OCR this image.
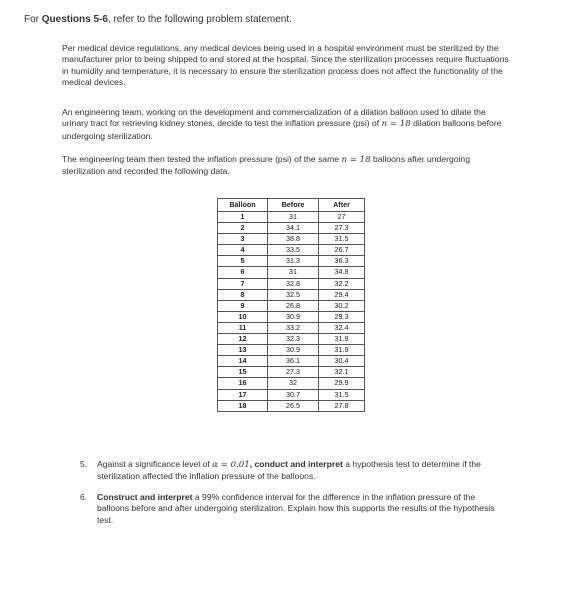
For Questions 5-6, refer to the following problem statement.
Per medical device regulations, any medical devices being used in a hospital environment must be sterilized by the manufacturer prior to being shipped to and stored at the hospital. Since the sterilization processes require fluctuations in humidity and temperature, it is necessary to ensure the sterilization process does not affect the functionality of the medical devices.
An engineering team, working on the development and commercialization of a dilation balloon used to dilate the urinary tract for retrieving kidney stones, decide to test the inflation pressure (psi) of n = 18 dilation balloons before undergoing sterilization.
The engineering team then tested the inflation pressure (psi) of the same n = 18 balloons after undergoing sterilization and recorded the following data.
Balloon	Before	After
1	31	27
2	34.1	27.3
3	38.8	31.5
4	33.5	26.7
5	31.3	36.3
6	31	34.8
7	32.8	32.2
8	32.5	29.4
9	26.8	30.2
10	30.9	29.3
11	33.2	32.4
12	32.3	31.9
13	30.9	31.9
14	36.1	30.4
15	27.3	32.1
16	32	29.9
17	30.7	31.5
18	26.5	27.8
5. Against a significance level of α = 0.01, conduct and interpret a hypothesis test to determine if the sterilization affected the inflation pressure of the balloons.
6. Construct and interpret a 99% confidence interval for the difference in the inflation pressure of the balloons before and after undergoing sterilization. Explain how this supports the results of the hypothesis test.
